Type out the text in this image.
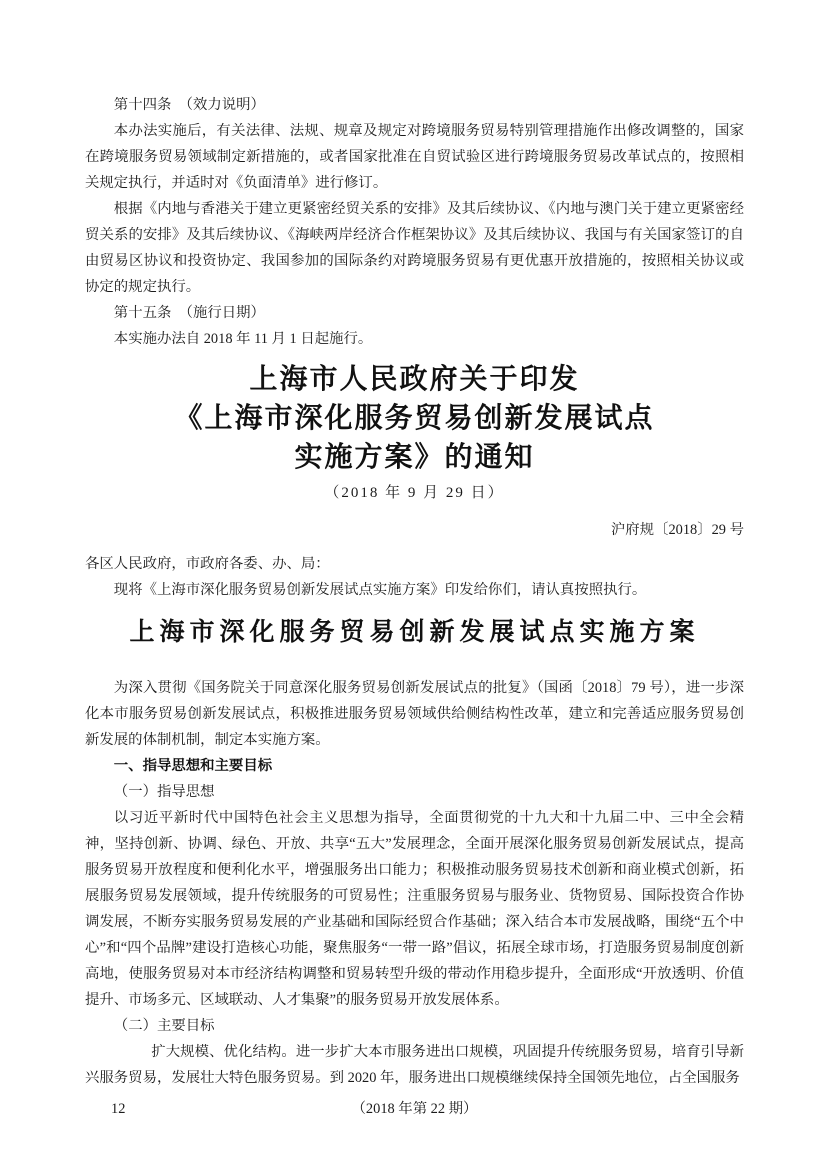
第十四条　（效力说明）

本办法实施后，有关法律、法规、规章及规定对跨境服务贸易特别管理措施作出修改调整的，国家在跨境服务贸易领域制定新措施的，或者国家批准在自贸试验区进行跨境服务贸易改革试点的，按照相关规定执行，并适时对《负面清单》进行修订。

根据《内地与香港关于建立更紧密经贸关系的安排》及其后续协议、《内地与澳门关于建立更紧密经贸关系的安排》及其后续协议、《海峡两岸经济合作框架协议》及其后续协议、我国与有关国家签订的自由贸易区协议和投资协定、我国参加的国际条约对跨境服务贸易有更优惠开放措施的，按照相关协议或协定的规定执行。

第十五条　（施行日期）

本实施办法自 2018 年 11 月 1 日起施行。

上海市人民政府关于印发
《上海市深化服务贸易创新发展试点
实施方案》的通知
（2018 年 9 月 29 日）
沪府规〔2018〕29 号

各区人民政府，市政府各委、办、局：

现将《上海市深化服务贸易创新发展试点实施方案》印发给你们，请认真按照执行。

上海市深化服务贸易创新发展试点实施方案

为深入贯彻《国务院关于同意深化服务贸易创新发展试点的批复》（国函〔2018〕79 号），进一步深化本市服务贸易创新发展试点，积极推进服务贸易领域供给侧结构性改革，建立和完善适应服务贸易创新发展的体制机制，制定本实施方案。

一、指导思想和主要目标

（一）指导思想

以习近平新时代中国特色社会主义思想为指导，全面贯彻党的十九大和十九届二中、三中全会精神，坚持创新、协调、绿色、开放、共享“五大”发展理念，全面开展深化服务贸易创新发展试点，提高服务贸易开放程度和便利化水平，增强服务出口能力；积极推动服务贸易技术创新和商业模式创新，拓展服务贸易发展领域，提升传统服务的可贸易性；注重服务贸易与服务业、货物贸易、国际投资合作协调发展，不断夯实服务贸易发展的产业基础和国际经贸合作基础；深入结合本市发展战略，围绕“五个中心”和“四个品牌”建设打造核心功能，聚焦服务“一带一路”倡议，拓展全球市场，打造服务贸易制度创新高地，使服务贸易对本市经济结构调整和贸易转型升级的带动作用稳步提升，全面形成“开放透明、价值提升、市场多元、区域联动、人才集聚”的服务贸易开放发展体系。

（二）主要目标

扩大规模、优化结构。进一步扩大本市服务进出口规模，巩固提升传统服务贸易，培育引导新兴服务贸易，发展壮大特色服务贸易。到 2020 年，服务进出口规模继续保持全国领先地位，占全国服务

12	（2018 年第 22 期）
